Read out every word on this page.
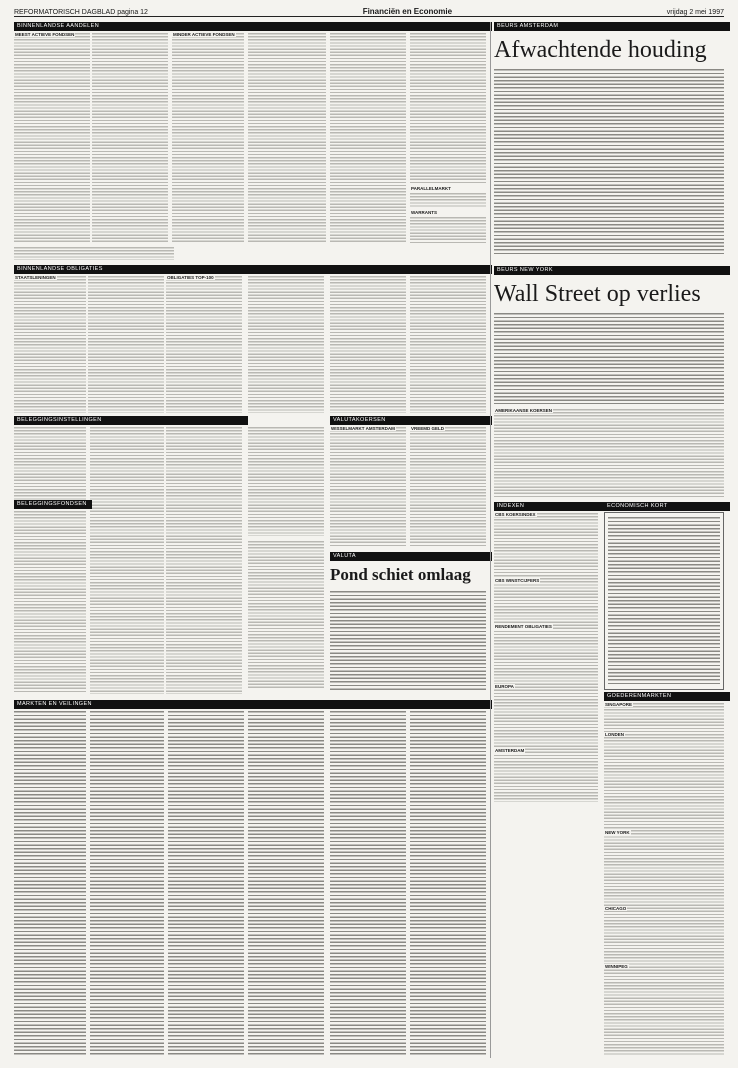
REFORMATORISCH DAGBLAD pagina 12	Financiën en Economie	vrijdag 2 mei 1997
BINNENLANDSE AANDELEN
MEEST ACTIEVE FONDSEN	MINDER ACTIEVE FONDSEN
PARALLELMARKT
WARRANTS
BINNENLANDSE OBLIGATIES
STAATSLENINGEN	OBLIGATIES TOP-100
BELEGGINGSINSTELLINGEN
BELEGGINGSFONDSEN
VALUTAKOERSEN
WISSELMARKT AMSTERDAM	VREEMD GELD
VALUTA
Pond schiet omlaag
MARKTEN EN VEILINGEN
BEURS AMSTERDAM
Afwachtende houding
BEURS NEW YORK
Wall Street op verlies
AMERIKAANSE KOERSEN
INDEXEN
CBS KOERSINDEX
CBS WINSTCIJFERS
RENDEMENT OBLIGATIES
EUROPA
AMSTERDAM
ECONOMISCH KORT
GOEDERENMARKTEN
SINGAPORE
LONDEN
NEW YORK
CHICAGO
WINNIPEG
